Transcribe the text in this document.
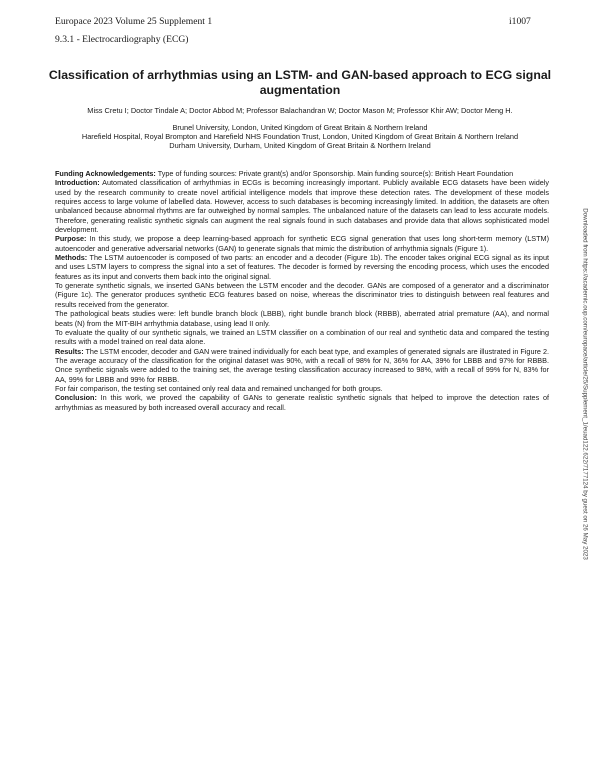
Europace 2023 Volume 25 Supplement 1	i1007
9.3.1 - Electrocardiography (ECG)
Classification of arrhythmias using an LSTM- and GAN-based approach to ECG signal augmentation
Miss Cretu I; Doctor Tindale A; Doctor Abbod M; Professor Balachandran W; Doctor Mason M; Professor Khir AW; Doctor Meng H.
Brunel University, London, United Kingdom of Great Britain & Northern Ireland
Harefield Hospital, Royal Brompton and Harefield NHS Foundation Trust, London, United Kingdom of Great Britain & Northern Ireland
Durham University, Durham, United Kingdom of Great Britain & Northern Ireland

Funding Acknowledgements: Type of funding sources: Private grant(s) and/or Sponsorship. Main funding source(s): British Heart Foundation

Introduction: Automated classification of arrhythmias in ECGs is becoming increasingly important. Publicly available ECG datasets have been widely used by the research community to create novel artificial intelligence models that improve these detection rates. The development of these models requires access to large volume of labelled data. However, access to such databases is becoming increasingly limited. In addition, the datasets are often unbalanced because abnormal rhythms are far outweighed by normal samples. The unbalanced nature of the datasets can lead to less accurate models. Therefore, generating realistic synthetic signals can augment the real signals found in such databases and provide data that allows sophisticated model development.

Purpose: In this study, we propose a deep learning-based approach for synthetic ECG signal generation that uses long short-term memory (LSTM) autoencoder and generative adversarial networks (GAN) to generate signals that mimic the distribution of arrhythmia signals (Figure 1).

Methods: The LSTM autoencoder is composed of two parts: an encoder and a decoder (Figure 1b). The encoder takes original ECG signal as its input and uses LSTM layers to compress the signal into a set of features. The decoder is formed by reversing the encoding process, which uses the encoded features as its input and converts them back into the original signal.

To generate synthetic signals, we inserted GANs between the LSTM encoder and the decoder. GANs are composed of a generator and a discriminator (Figure 1c). The generator produces synthetic ECG features based on noise, whereas the discriminator tries to distinguish between real features and results received from the generator.

The pathological beats studies were: left bundle branch block (LBBB), right bundle branch block (RBBB), aberrated atrial premature (AA), and normal beats (N) from the MIT-BIH arrhythmia database, using lead II only.

To evaluate the quality of our synthetic signals, we trained an LSTM classifier on a combination of our real and synthetic data and compared the testing results with a model trained on real data alone.

Results: The LSTM encoder, decoder and GAN were trained individually for each beat type, and examples of generated signals are illustrated in Figure 2. The average accuracy of the classification for the original dataset was 90%, with a recall of 98% for N, 36% for AA, 39% for LBBB and 97% for RBBB. Once synthetic signals were added to the training set, the average testing classification accuracy increased to 98%, with a recall of 99% for N, 83% for AA, 99% for LBBB and 99% for RBBB.

For fair comparison, the testing set contained only real data and remained unchanged for both groups.

Conclusion: In this work, we proved the capability of GANs to generate realistic synthetic signals that helped to improve the detection rates of arrhythmias as measured by both increased overall accuracy and recall.	Downloaded from https://academic.oup.com/europace/article/25/Supplement_1/euad122.622/7177124 by guest on 26 May 2023
